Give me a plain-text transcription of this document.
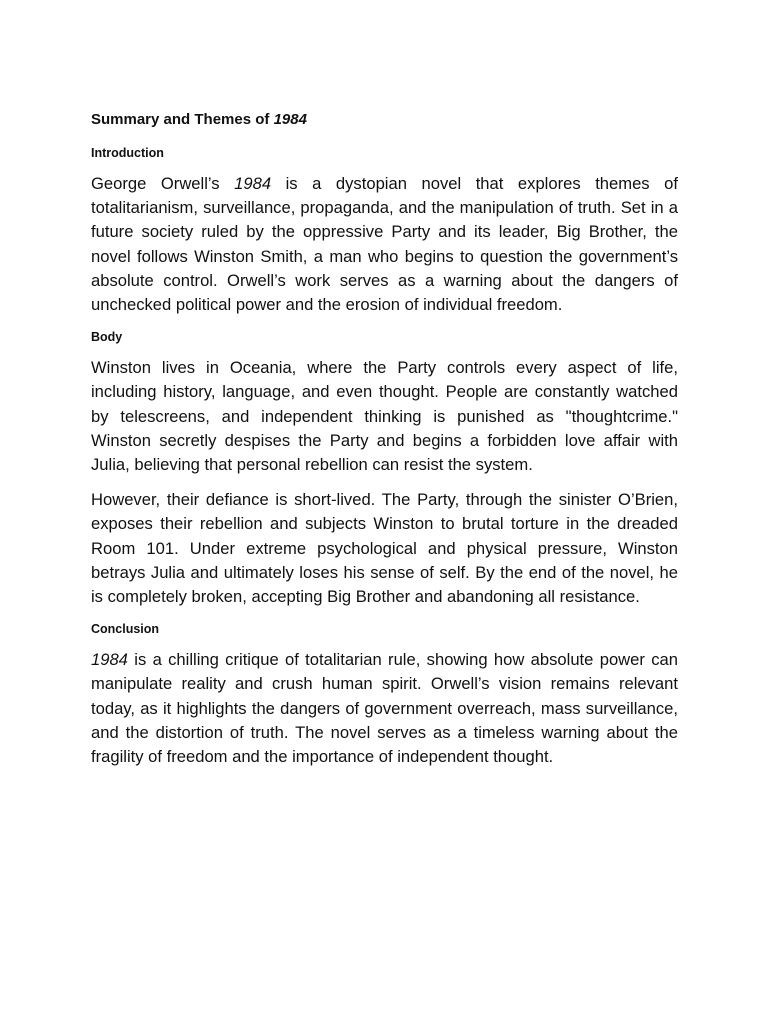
Summary and Themes of 1984
Introduction

George Orwell’s 1984 is a dystopian novel that explores themes of totalitarianism, surveillance, propaganda, and the manipulation of truth. Set in a future society ruled by the oppressive Party and its leader, Big Brother, the novel follows Winston Smith, a man who begins to question the government’s absolute control. Orwell’s work serves as a warning about the dangers of unchecked political power and the erosion of individual freedom.

Body

Winston lives in Oceania, where the Party controls every aspect of life, including history, language, and even thought. People are constantly watched by telescreens, and independent thinking is punished as "thoughtcrime." Winston secretly despises the Party and begins a forbidden love affair with Julia, believing that personal rebellion can resist the system.

However, their defiance is short-lived. The Party, through the sinister O’Brien, exposes their rebellion and subjects Winston to brutal torture in the dreaded Room 101. Under extreme psychological and physical pressure, Winston betrays Julia and ultimately loses his sense of self. By the end of the novel, he is completely broken, accepting Big Brother and abandoning all resistance.

Conclusion

1984 is a chilling critique of totalitarian rule, showing how absolute power can manipulate reality and crush human spirit. Orwell’s vision remains relevant today, as it highlights the dangers of government overreach, mass surveillance, and the distortion of truth. The novel serves as a timeless warning about the fragility of freedom and the importance of independent thought.
